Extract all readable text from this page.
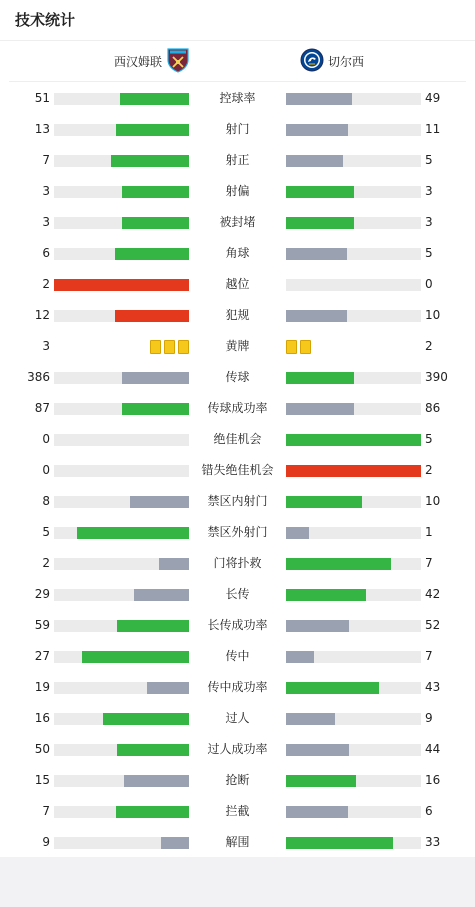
技术统计
西汉姆联	切尔西
51	控球率	49
13	射门	11
7	射正	5
3	射偏	3
3	被封堵	3
6	角球	5
2	越位	0
12	犯规	10
3	黄牌	2
386	传球	390
87	传球成功率	86
0	绝佳机会	5
0	错失绝佳机会	2
8	禁区内射门	10
5	禁区外射门	1
2	门将扑救	7
29	长传	42
59	长传成功率	52
27	传中	7
19	传中成功率	43
16	过人	9
50	过人成功率	44
15	抢断	16
7	拦截	6
9	解围	33
